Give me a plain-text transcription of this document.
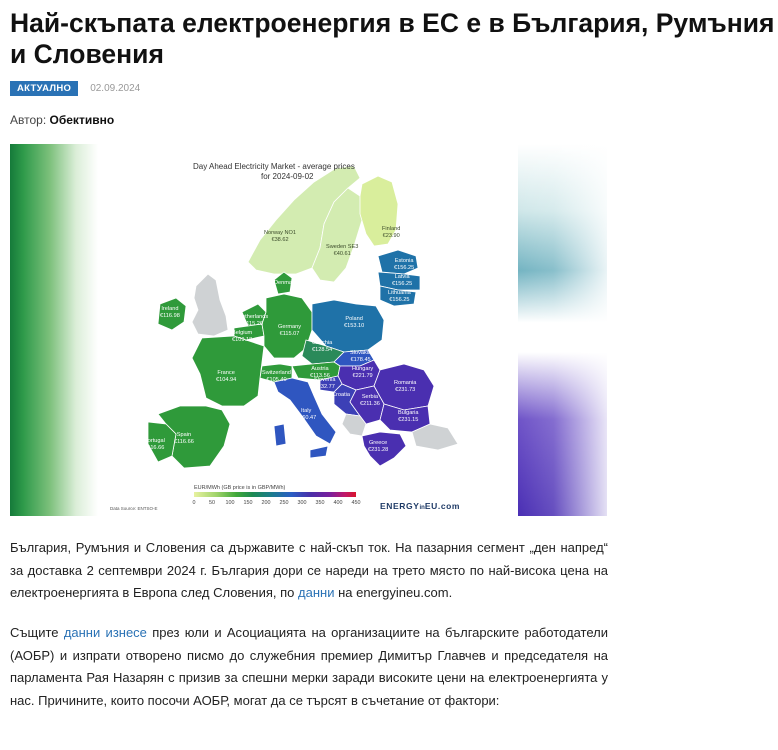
Най-скъпата електроенергия в ЕС е в България, Румъния и Словения
АКТУАЛНО	02.09.2024
Автор: Обективно
Day Ahead Electricity Market - average prices
for 2024-09-02
Finland
€23.90
Norway NO1
€38.62
Sweden SE3
€40.61
Estonia
€156.25
Latvia
€156.25
Lithuania
€156.25
Ireland
€116.98
Denmark
Netherlands
€115.26
Belgium
€109.18
Germany
€115.07
Poland
€153.10
Czechia
€128.54
Slovakia
€178.45
Austria
€113.56
Hungary
€221.79
Slovenia
€232.77
Croatia
Romania
€231.73
Serbia
€211.36
Bulgaria
€231.15
Greece
€231.28
Italy
€160.47
Switzerland
€105.40
France
€104.94
Spain
€116.66
Portugal
€116.66
EUR/MWh (GB price is in GBP/MWh)
0	50 100 150 200 250 300 350 400 450
Data Source: ENTSO-E	ENERGYinEU.com

България, Румъния и Словения са държавите с най-скъп ток. На пазарния сегмент „ден напред“ за доставка 2 септември 2024 г. България дори се нареди на трето място по най-висока цена на електроенергията в Европа след Словения, по данни на energyineu.com.

Същите данни изнесе през юли и Асоциацията на организациите на българските работодатели (АОБР) и изпрати отворено писмо до служебния премиер Димитър Главчев и председателя на парламента Рая Назарян с призив за спешни мерки заради високите цени на електроенергията у нас. Причините, които посочи АОБР, могат да се търсят в съчетание от фактори:
